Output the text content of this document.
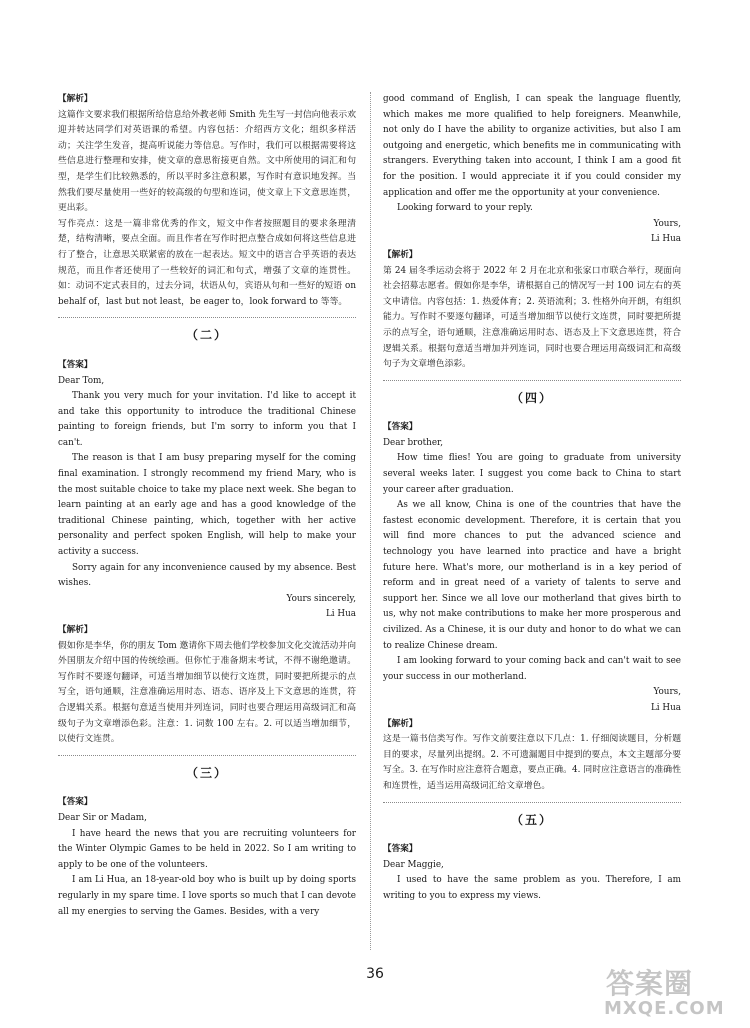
【解析】

这篇作文要求我们根据所给信息给外教老师 Smith 先生写一封信向他表示欢迎并转达同学们对英语课的希望。内容包括：介绍西方文化；组织多样活动；关注学生发音，提高听说能力等信息。写作时，我们可以根据需要将这些信息进行整理和安排，使文章的意思衔接更自然。文中所使用的词汇和句型，是学生们比较熟悉的，所以平时多注意积累，写作时有意识地发挥。当然我们要尽量使用一些好的较高级的句型和连词，使文章上下文意思连贯，更出彩。

写作亮点：这是一篇非常优秀的作文，短文中作者按照题目的要求条理清楚，结构清晰，要点全面。而且作者在写作时把点整合成如何将这些信息进行了整合，让意思关联紧密的放在一起表达。短文中的语言合乎英语的表达规范，而且作者还使用了一些较好的词汇和句式，增强了文章的连贯性。如：动词不定式表目的，过去分词，状语从句，宾语从句和一些好的短语 on behalf of，last but not least，be eager to，look forward to 等等。

（二）

【答案】

Dear Tom,

Thank you very much for your invitation. I'd like to accept it and take this opportunity to introduce the traditional Chinese painting to foreign friends, but I'm sorry to inform you that I can't.

The reason is that I am busy preparing myself for the coming final examination. I strongly recommend my friend Mary, who is the most suitable choice to take my place next week. She began to learn painting at an early age and has a good knowledge of the traditional Chinese painting, which, together with her active personality and perfect spoken English, will help to make your activity a success.

Sorry again for any inconvenience caused by my absence. Best wishes.

Yours sincerely,

Li Hua

【解析】

假如你是李华，你的朋友 Tom 邀请你下周去他们学校参加文化交流活动并向外国朋友介绍中国的传统绘画。但你忙于准备期末考试，不得不谢绝邀请。写作时不要逐句翻译，可适当增加细节以使行文连贯，同时要把所提示的点写全，语句通顺，注意准确运用时态、语态、语序及上下文意思的连贯，符合逻辑关系。根据句意适当使用并列连词，同时也要合理运用高级词汇和高级句子为文章增添色彩。注意：1. 词数 100 左右。2. 可以适当增加细节，以使行文连贯。

（三）

【答案】

Dear Sir or Madam,

I have heard the news that you are recruiting volunteers for the Winter Olympic Games to be held in 2022. So I am writing to apply to be one of the volunteers.

I am Li Hua, an 18-year-old boy who is built up by doing sports regularly in my spare time. I love sports so much that I can devote all my energies to serving the Games. Besides, with a very

good command of English, I can speak the language fluently, which makes me more qualified to help foreigners. Meanwhile, not only do I have the ability to organize activities, but also I am outgoing and energetic, which benefits me in communicating with strangers. Everything taken into account, I think I am a good fit for the position. I would appreciate it if you could consider my application and offer me the opportunity at your convenience.

Looking forward to your reply.

Yours,

Li Hua

【解析】

第 24 届冬季运动会将于 2022 年 2 月在北京和张家口市联合举行，现面向社会招募志愿者。假如你是李华，请根据自己的情况写一封 100 词左右的英文申请信。内容包括：1. 热爱体育；2. 英语流利；3. 性格外向开朗，有组织能力。写作时不要逐句翻译，可适当增加细节以使行文连贯，同时要把所提示的点写全，语句通顺，注意准确运用时态、语态及上下文意思连贯，符合逻辑关系。根据句意适当增加并列连词，同时也要合理运用高级词汇和高级句子为文章增色添彩。

（四）

【答案】

Dear brother,

How time flies! You are going to graduate from university several weeks later. I suggest you come back to China to start your career after graduation.

As we all know, China is one of the countries that have the fastest economic development. Therefore, it is certain that you will find more chances to put the advanced science and technology you have learned into practice and have a bright future here. What's more, our motherland is in a key period of reform and in great need of a variety of talents to serve and support her. Since we all love our motherland that gives birth to us, why not make contributions to make her more prosperous and civilized. As a Chinese, it is our duty and honor to do what we can to realize Chinese dream.

I am looking forward to your coming back and can't wait to see your success in our motherland.

Yours,

Li Hua

【解析】

这是一篇书信类写作。写作文前要注意以下几点：1. 仔细阅读题目，分析题目的要求，尽量列出提纲。2. 不可遗漏题目中提到的要点，本文主题部分要写全。3. 在写作时应注意符合题意，要点正确。4. 同时应注意语言的准确性和连贯性，适当运用高级词汇给文章增色。

（五）

【答案】

Dear Maggie,

I used to have the same problem as you. Therefore, I am writing to you to express my views.

36	答案圈
MXQE.COM
